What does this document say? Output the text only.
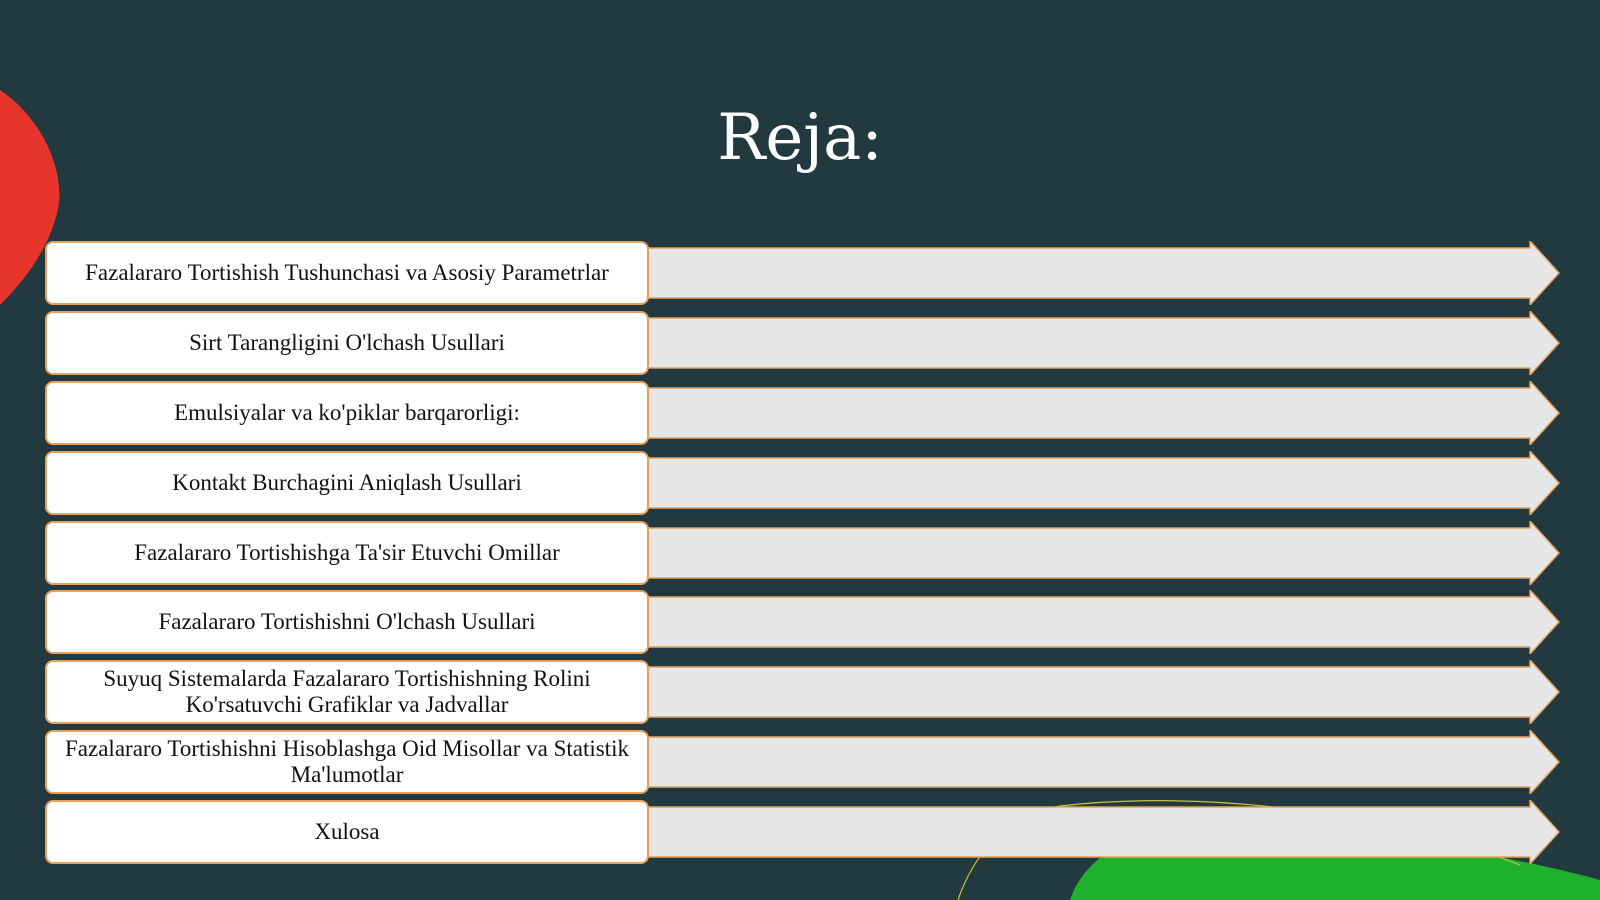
Reja:
Fazalararo Tortishish Tushunchasi va Asosiy Parametrlar
Sirt Tarangligini O'lchash Usullari
Emulsiyalar va ko'piklar barqarorligi:
Kontakt Burchagini Aniqlash Usullari
Fazalararo Tortishishga Ta'sir Etuvchi Omillar
Fazalararo Tortishishni O'lchash Usullari
Suyuq Sistemalarda Fazalararo Tortishishning Rolini Ko'rsatuvchi Grafiklar va Jadvallar
Fazalararo Tortishishni Hisoblashga Oid Misollar va Statistik Ma'lumotlar
Xulosa
